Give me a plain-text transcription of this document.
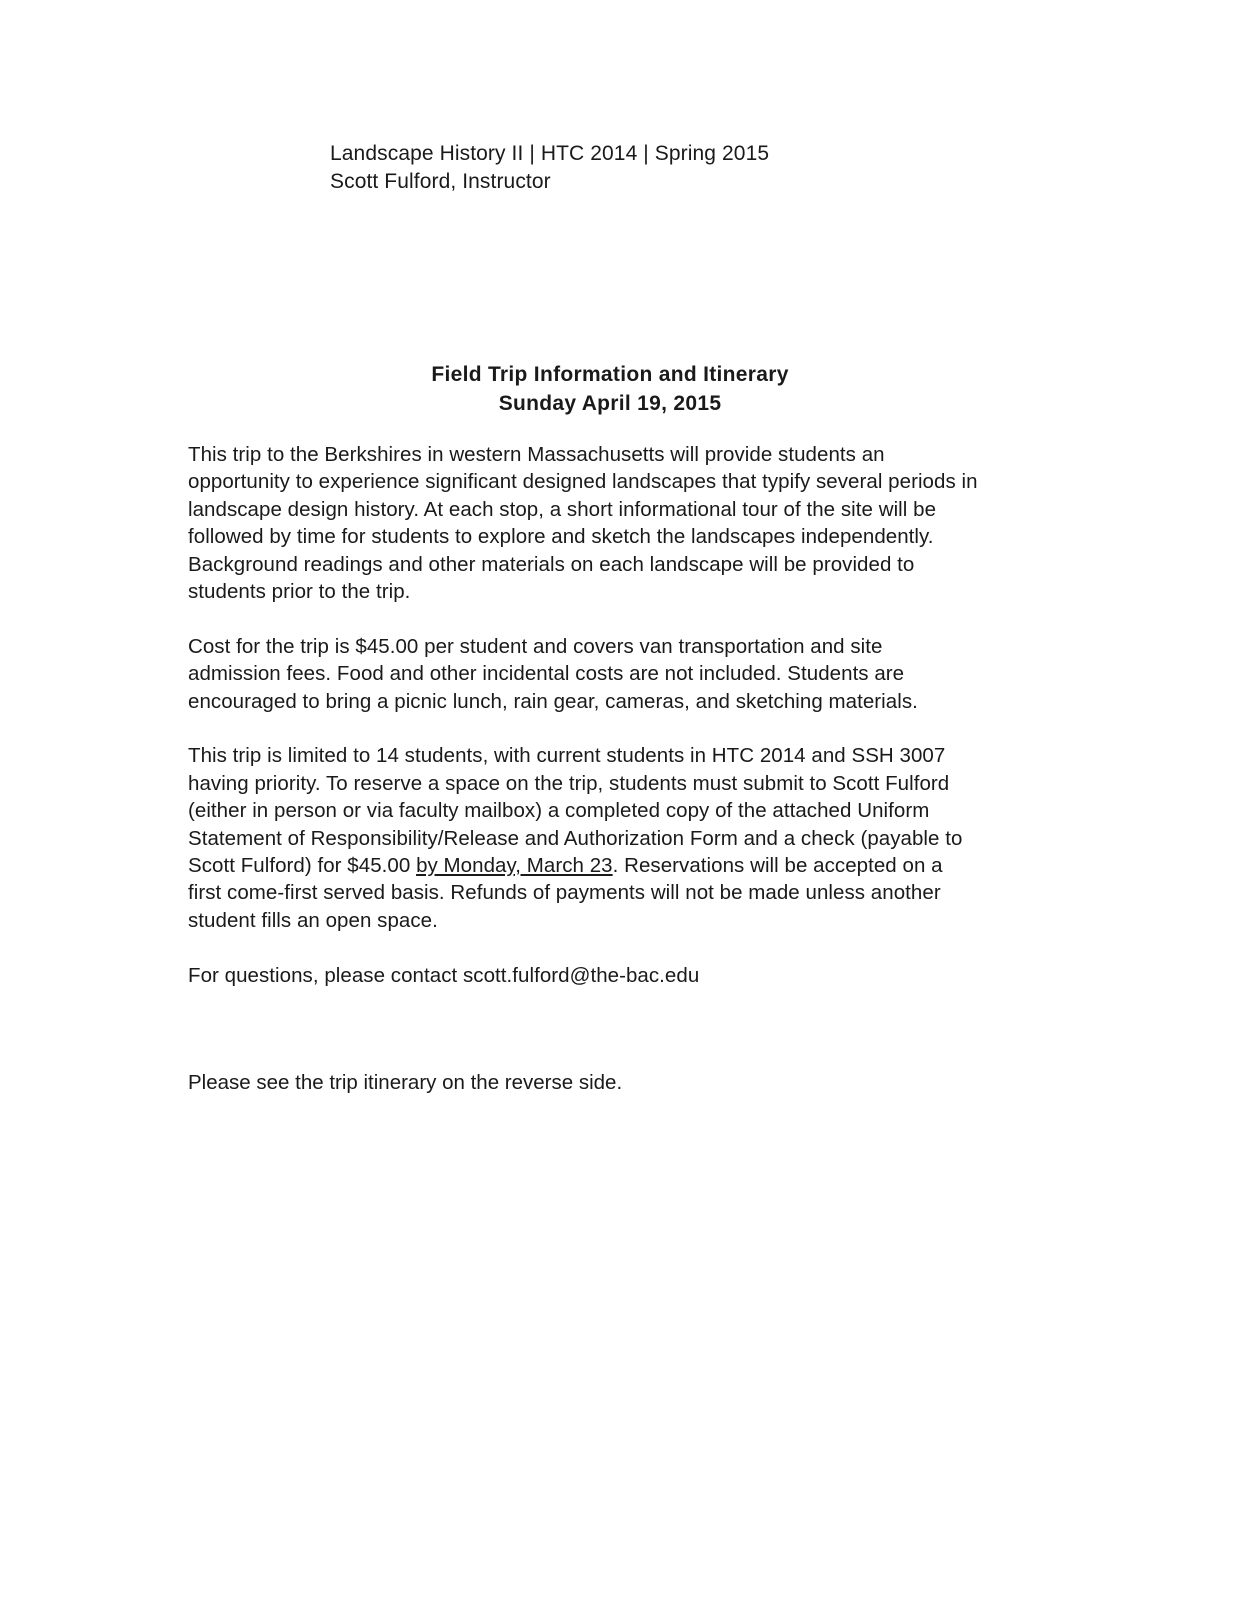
Landscape History II | HTC 2014 | Spring 2015
Scott Fulford, Instructor
Field Trip Information and Itinerary
Sunday April 19, 2015

This trip to the Berkshires in western Massachusetts will provide students an
opportunity to experience significant designed landscapes that typify several periods in
landscape design history. At each stop, a short informational tour of the site will be
followed by time for students to explore and sketch the landscapes independently.
Background readings and other materials on each landscape will be provided to
students prior to the trip.

Cost for the trip is $45.00 per student and covers van transportation and site
admission fees. Food and other incidental costs are not included. Students are
encouraged to bring a picnic lunch, rain gear, cameras, and sketching materials.

This trip is limited to 14 students, with current students in HTC 2014 and SSH 3007
having priority. To reserve a space on the trip, students must submit to Scott Fulford
(either in person or via faculty mailbox) a completed copy of the attached Uniform
Statement of Responsibility/Release and Authorization Form and a check (payable to
Scott Fulford) for $45.00 by Monday, March 23. Reservations will be accepted on a
first come-first served basis. Refunds of payments will not be made unless another
student fills an open space.

For questions, please contact scott.fulford@the-bac.edu

Please see the trip itinerary on the reverse side.
